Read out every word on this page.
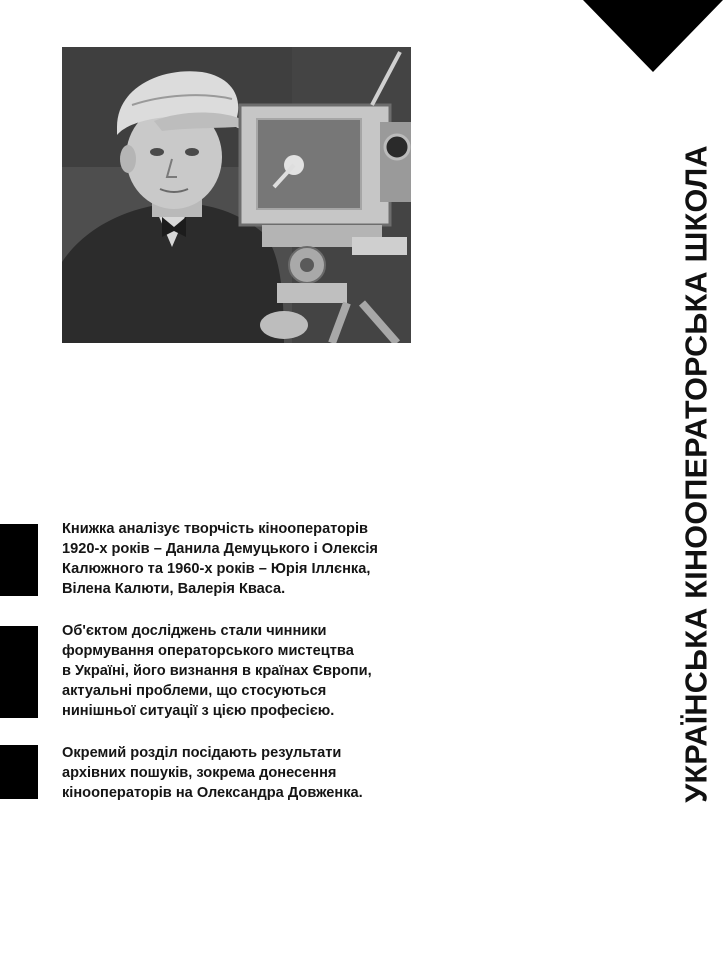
Книжка аналізує творчість кінооператорів
1920-х років – Данила Демуцького і Олексія
Калюжного та 1960-х років – Юрія Іллєнка,
Вілена Калюти, Валерія Кваса.

Об'єктом досліджень стали чинники
формування операторського мистецтва
в Україні, його визнання в країнах Європи,
актуальні проблеми, що стосуються
нинішньої ситуації з цією професією.

Окремий розділ посідають результати
архівних пошуків, зокрема донесення
кінооператорів на Олександра Довженка.	УКРАЇНСЬКА КІНООПЕРАТОРСЬКА ШКОЛА
